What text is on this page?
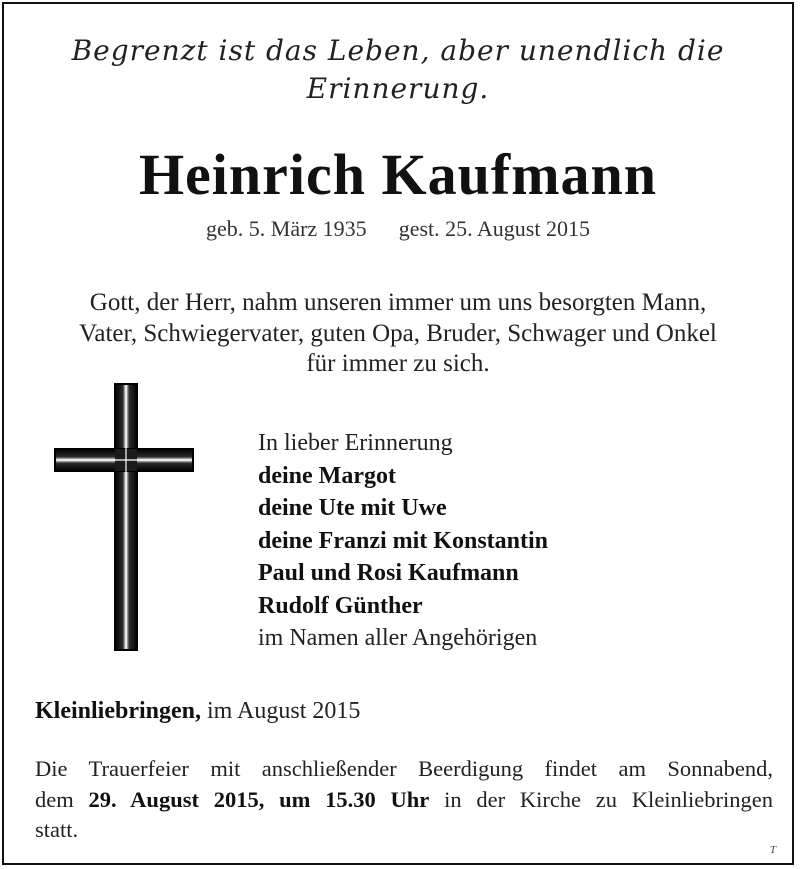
Begrenzt ist das Leben, aber unendlich die
Erinnerung.
Heinrich Kaufmann
geb. 5. März 1935 gest. 25. August 2015
Gott, der Herr, nahm unseren immer um uns besorgten Mann,
Vater, Schwiegervater, guten Opa, Bruder, Schwager und Onkel
für immer zu sich.
In lieber Erinnerung
deine Margot
deine Ute mit Uwe
deine Franzi mit Konstantin
Paul und Rosi Kaufmann
Rudolf Günther
im Namen aller Angehörigen
Kleinliebringen, im August 2015
Die Trauerfeier mit anschließender Beerdigung findet am Sonnabend,
dem 29. August 2015, um 15.30 Uhr in der Kirche zu Kleinliebringen
statt.
T
